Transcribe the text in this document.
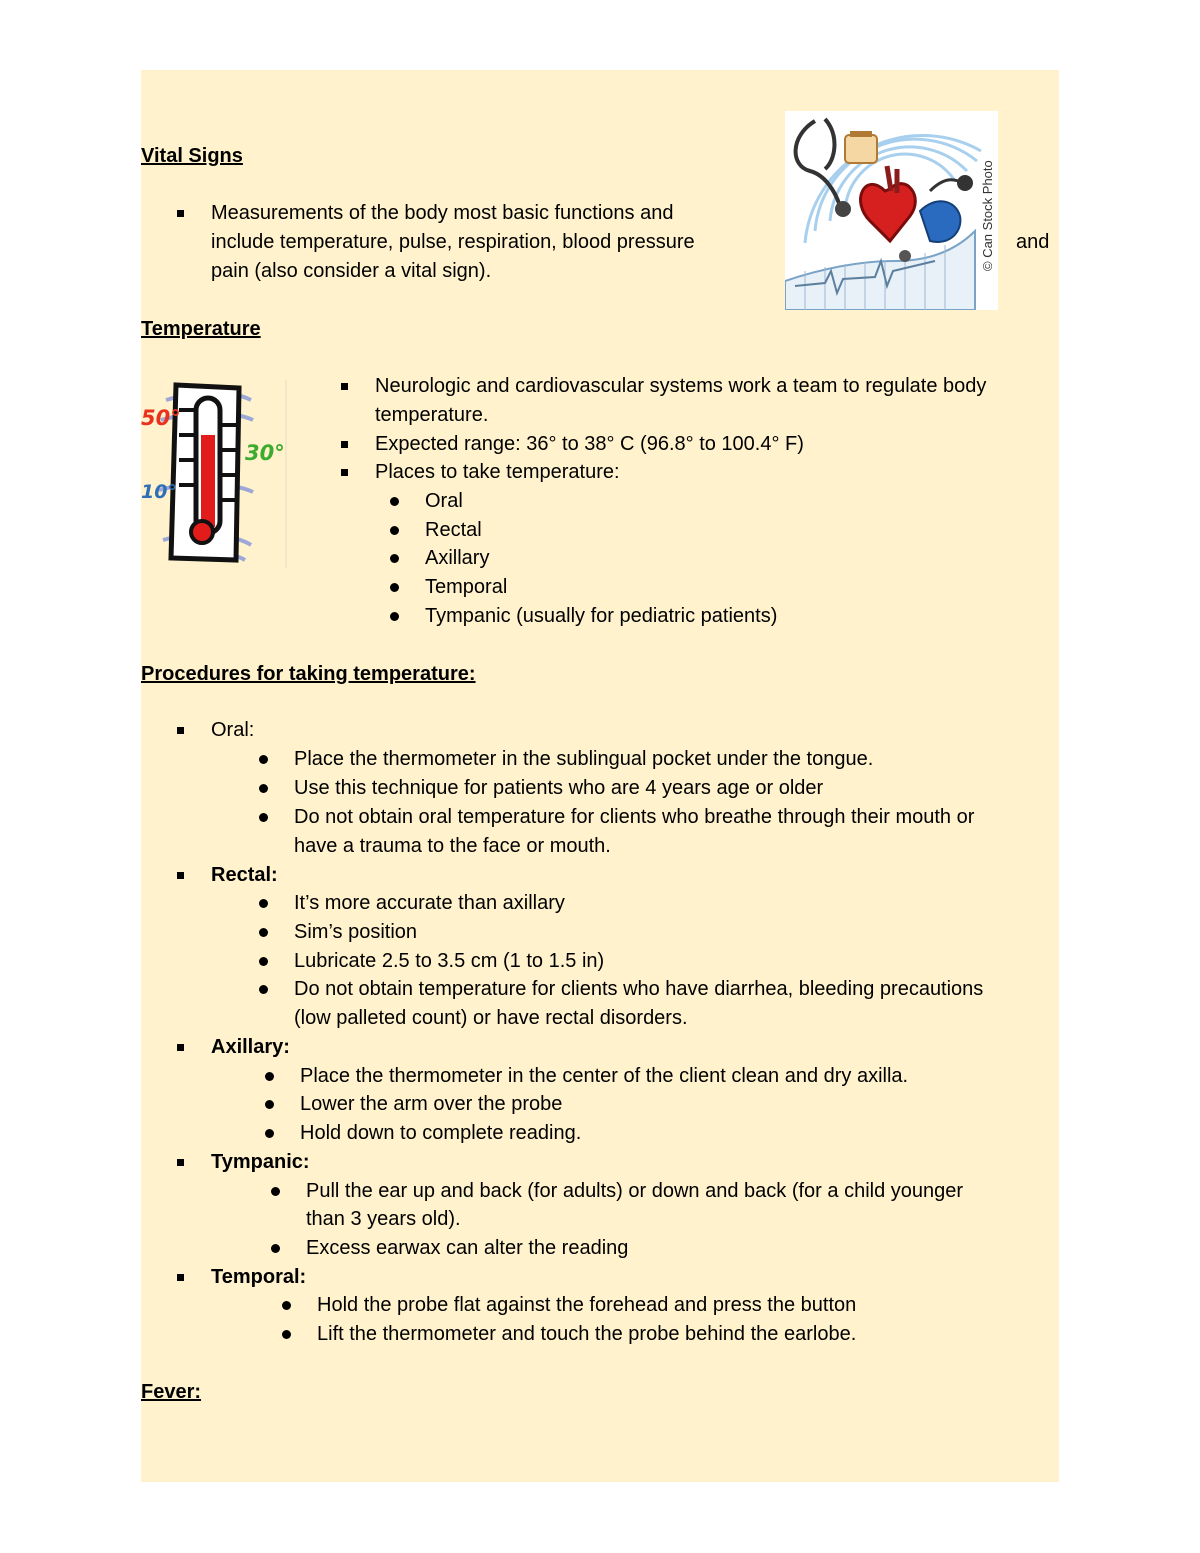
Vital Signs
Measurements of the body most basic functions and
include temperature, pulse, respiration, blood pressure	and
pain (also consider a vital sign).	© Can Stock Photo
Temperature
50°
30°
10°
Neurologic and cardiovascular systems work a team to regulate body
temperature.
Expected range: 36° to 38° C (96.8° to 100.4° F)
Places to take temperature:
Oral
Rectal
Axillary
Temporal
Tympanic (usually for pediatric patients)
Procedures for taking temperature:
Oral:
Place the thermometer in the sublingual pocket under the tongue.
Use this technique for patients who are 4 years age or older
Do not obtain oral temperature for clients who breathe through their mouth or
have a trauma to the face or mouth.
Rectal:
It’s more accurate than axillary
Sim’s position
Lubricate 2.5 to 3.5 cm (1 to 1.5 in)
Do not obtain temperature for clients who have diarrhea, bleeding precautions
(low palleted count) or have rectal disorders.
Axillary:
Place the thermometer in the center of the client clean and dry axilla.
Lower the arm over the probe
Hold down to complete reading.
Tympanic:
Pull the ear up and back (for adults) or down and back (for a child younger
than 3 years old).
Excess earwax can alter the reading
Temporal:
Hold the probe flat against the forehead and press the button
Lift the thermometer and touch the probe behind the earlobe.
Fever:
